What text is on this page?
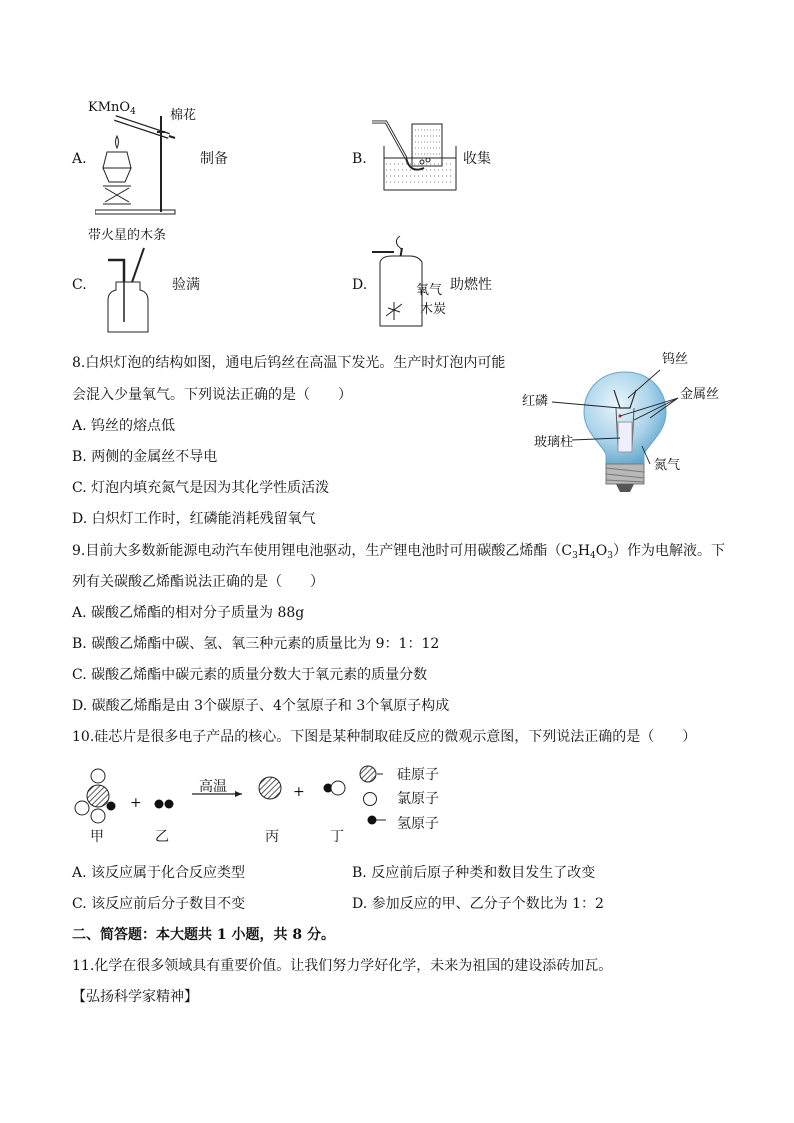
A.
KMnO$_4$	棉花
制备	B.	收集
带火星的木条
C.	验满	D.	氧气
木炭
助燃性
8.白炽灯泡的结构如图，通电后钨丝在高温下发光。生产时灯泡内可能
会混入少量氧气。下列说法正确的是（　　）
A. 钨丝的熔点低
B. 两侧的金属丝不导电
C. 灯泡内填充氮气是因为其化学性质活泼
D. 白炽灯工作时，红磷能消耗残留氧气
钨丝
金属丝
红磷
玻璃柱
氮气
9.目前大多数新能源电动汽车使用锂电池驱动，生产锂电池时可用碳酸乙烯酯$(C_3H_4O_3)$作为电解液。下
列有关碳酸乙烯酯说法正确的是（　　）
A. 碳酸乙烯酯的相对分子质量为 88g
B. 碳酸乙烯酯中碳、氢、氧三种元素的质量比为 9：1：12
C. 碳酸乙烯酯中碳元素的质量分数大于氧元素的质量分数
D. 碳酸乙烯酯是由 3个碳原子、4个氢原子和 3个氧原子构成
10.硅芯片是很多电子产品的核心。下图是某种制取硅反应的微观示意图，下列说法正确的是（　　）
高温
+
+
硅原子
氯原子
氢原子
甲	乙	丙	丁
A. 该反应属于化合反应类型	B. 反应前后原子种类和数目发生了改变
C. 该反应前后分子数目不变	D. 参加反应的甲、乙分子个数比为 1：2
二、简答题：本大题共 1 小题，共 8 分。
11.化学在很多领域具有重要价值。让我们努力学好化学，未来为祖国的建设添砖加瓦。
【弘扬科学家精神】
